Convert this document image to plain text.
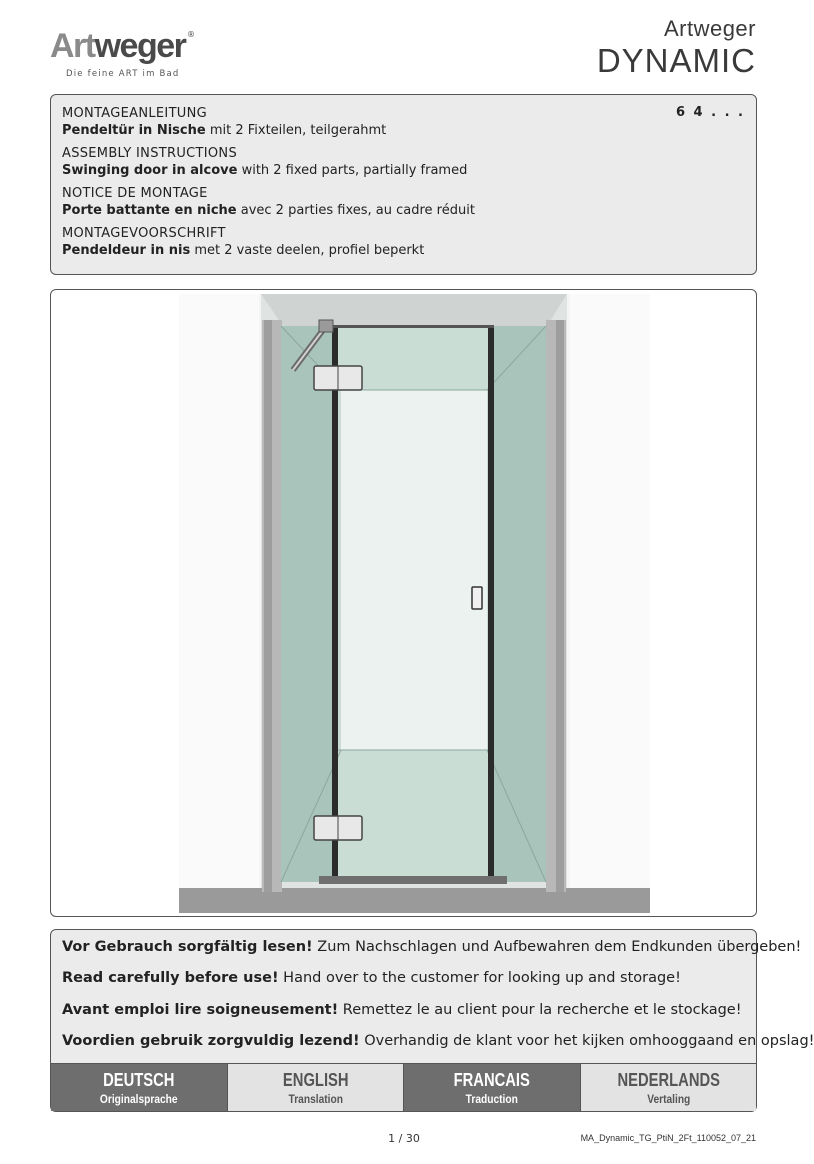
Artweger ®
Die feine ART im Bad
Artweger
DYNAMIC
6 4 . . .
MONTAGEANLEITUNG
Pendeltür in Nische mit 2 Fixteilen, teilgerahmt
ASSEMBLY INSTRUCTIONS
Swinging door in alcove with 2 fixed parts, partially framed
NOTICE DE MONTAGE
Porte battante en niche avec 2 parties fixes, au cadre réduit
MONTAGEVOORSCHRIFT
Pendeldeur in nis met 2 vaste deelen, profiel beperkt
Vor Gebrauch sorgfältig lesen! Zum Nachschlagen und Aufbewahren dem Endkunden übergeben!
Read carefully before use! Hand over to the customer for looking up and storage!
Avant emploi lire soigneusement! Remettez le au client pour la recherche et le stockage!
Voordien gebruik zorgvuldig lezend! Overhandig de klant voor het kijken omhooggaand en opslag!
DEUTSCH
Originalsprache
ENGLISH
Translation
FRANCAIS
Traduction
NEDERLANDS
Vertaling
1 / 30	MA_Dynamic_TG_PtiN_2Ft_110052_07_21
